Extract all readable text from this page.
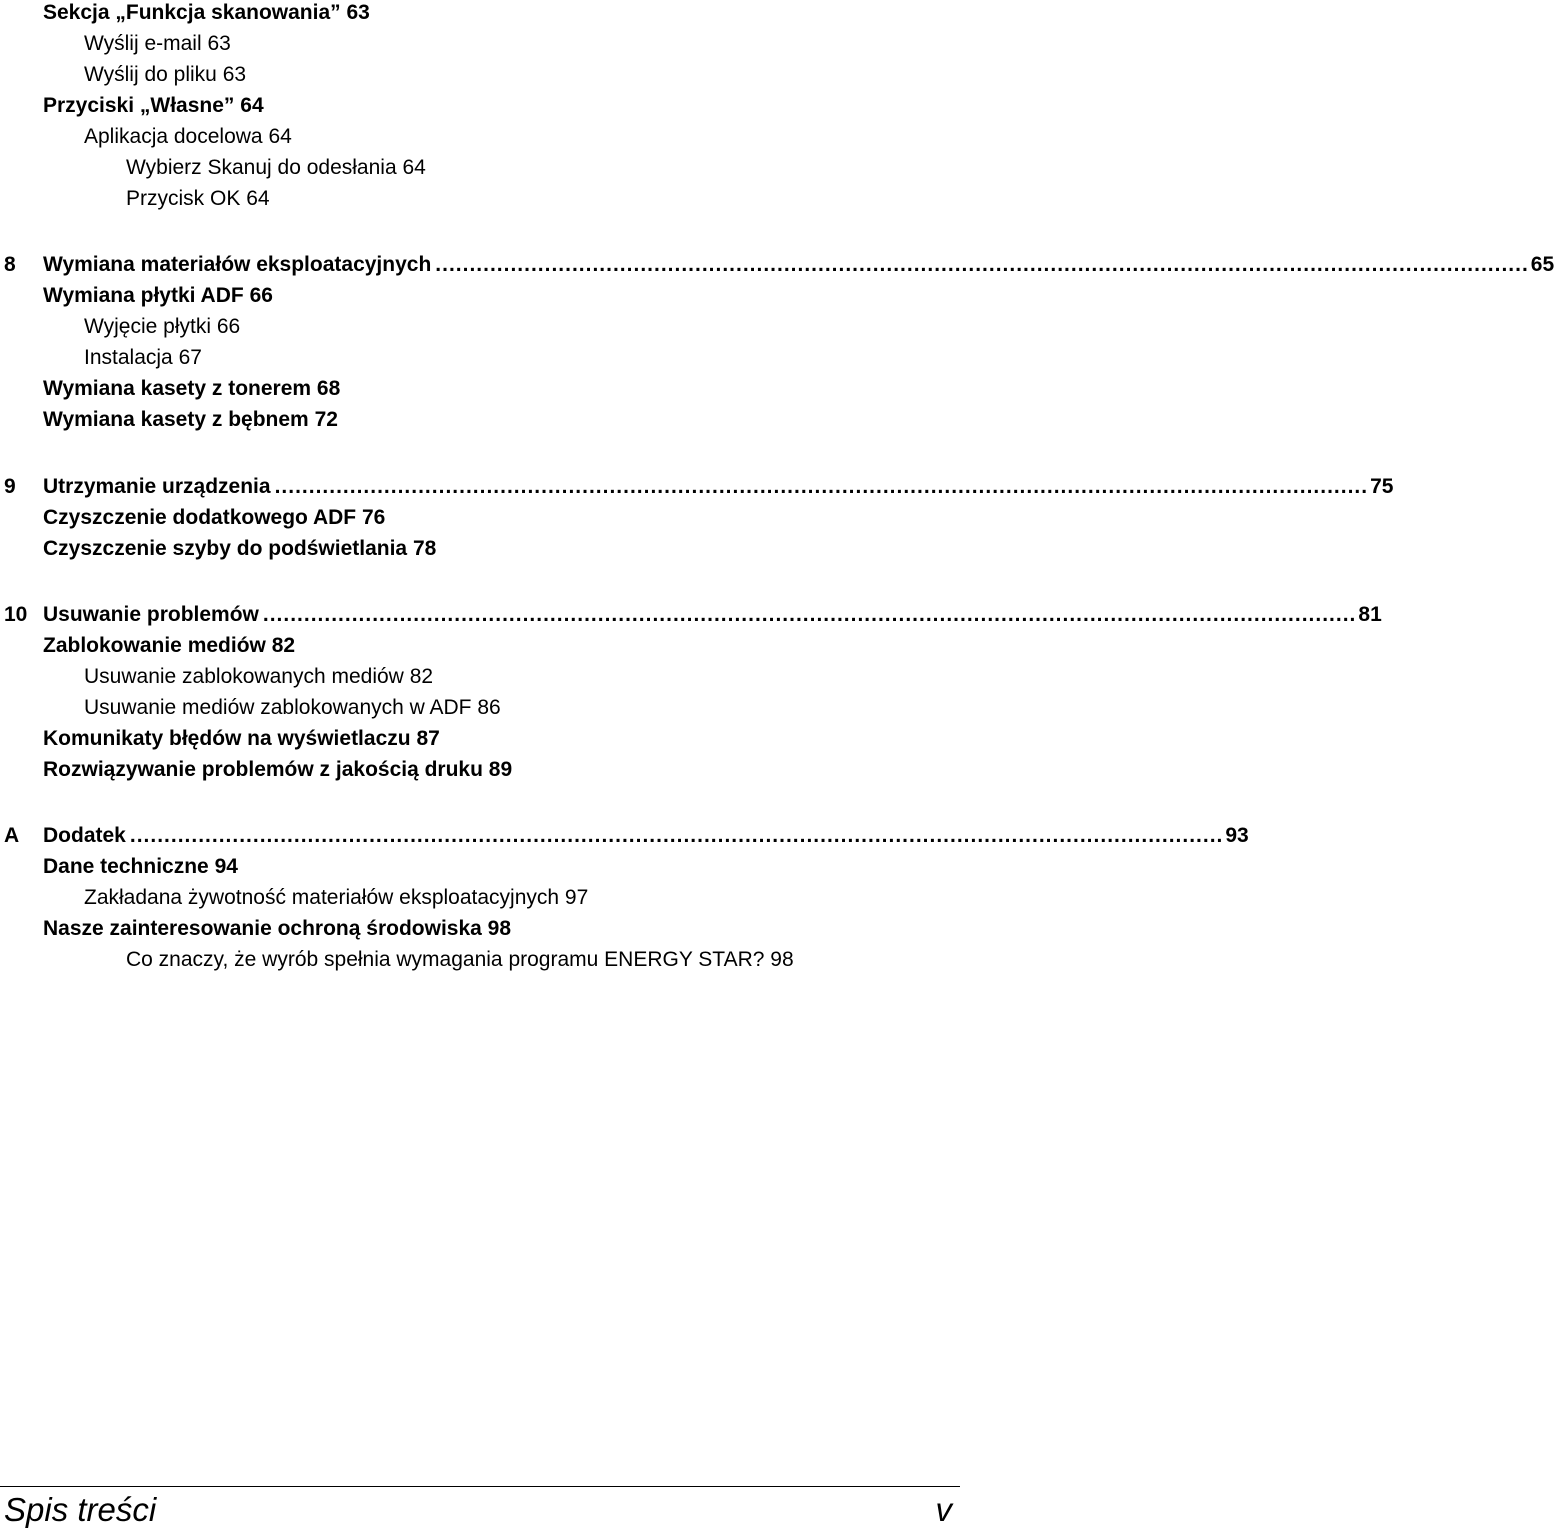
Sekcja „Funkcja skanowania” 63
Wyślij e-mail 63
Wyślij do pliku 63
Przyciski „Własne” 64
Aplikacja docelowa 64
Wybierz Skanuj do odesłania 64
Przycisk OK 64
8 Wymiana materiałów eksploatacyjnych ................................................................................................................................................................ 65
Wymiana płytki ADF 66
Wyjęcie płytki 66
Instalacja 67
Wymiana kasety z tonerem 68
Wymiana kasety z bębnem 72
9 Utrzymanie urządzenia ................................................................................................................................................................ 75
Czyszczenie dodatkowego ADF 76
Czyszczenie szyby do podświetlania 78
10 Usuwanie problemów ................................................................................................................................................................ 81
Zablokowanie mediów 82
Usuwanie zablokowanych mediów 82
Usuwanie mediów zablokowanych w ADF 86
Komunikaty błędów na wyświetlaczu 87
Rozwiązywanie problemów z jakością druku 89
A Dodatek ................................................................................................................................................................ 93
Dane techniczne 94
Zakładana żywotność materiałów eksploatacyjnych 97
Nasze zainteresowanie ochroną środowiska 98
Co znaczy, że wyrób spełnia wymagania programu ENERGY STAR? 98
Spis treści	v
